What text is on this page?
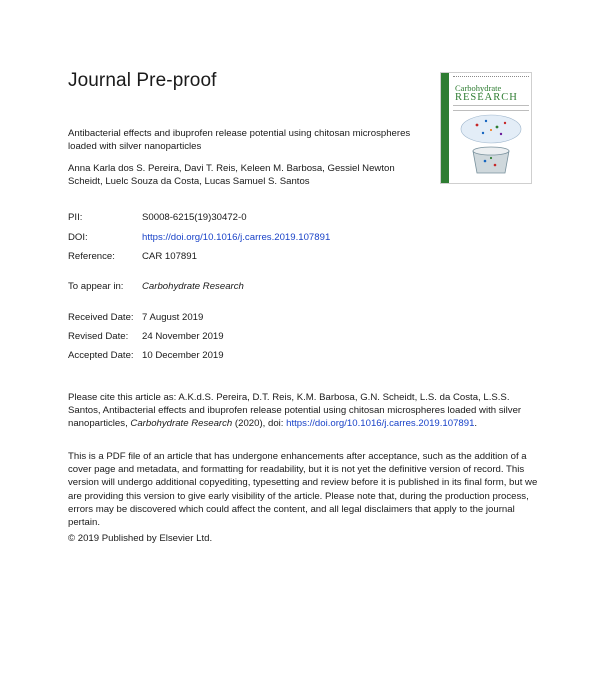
Journal Pre-proof	Carbohydrate
RESEARCH
Antibacterial effects and ibuprofen release potential using chitosan microspheres loaded with silver nanoparticles
Anna Karla dos S. Pereira, Davi T. Reis, Keleen M. Barbosa, Gessiel Newton Scheidt, Luelc Souza da Costa, Lucas Samuel S. Santos
PII:	S0008-6215(19)30472-0
DOI:	https://doi.org/10.1016/j.carres.2019.107891
Reference:	CAR 107891
To appear in: Carbohydrate Research
Received Date: 7 August 2019
Revised Date: 24 November 2019
Accepted Date: 10 December 2019
Please cite this article as: A.K.d.S. Pereira, D.T. Reis, K.M. Barbosa, G.N. Scheidt, L.S. da Costa, L.S.S. Santos, Antibacterial effects and ibuprofen release potential using chitosan microspheres loaded with silver nanoparticles, Carbohydrate Research (2020), doi: https://doi.org/10.1016/j.carres.2019.107891.
This is a PDF file of an article that has undergone enhancements after acceptance, such as the addition of a cover page and metadata, and formatting for readability, but it is not yet the definitive version of record. This version will undergo additional copyediting, typesetting and review before it is published in its final form, but we are providing this version to give early visibility of the article. Please note that, during the production process, errors may be discovered which could affect the content, and all legal disclaimers that apply to the journal pertain.
© 2019 Published by Elsevier Ltd.
